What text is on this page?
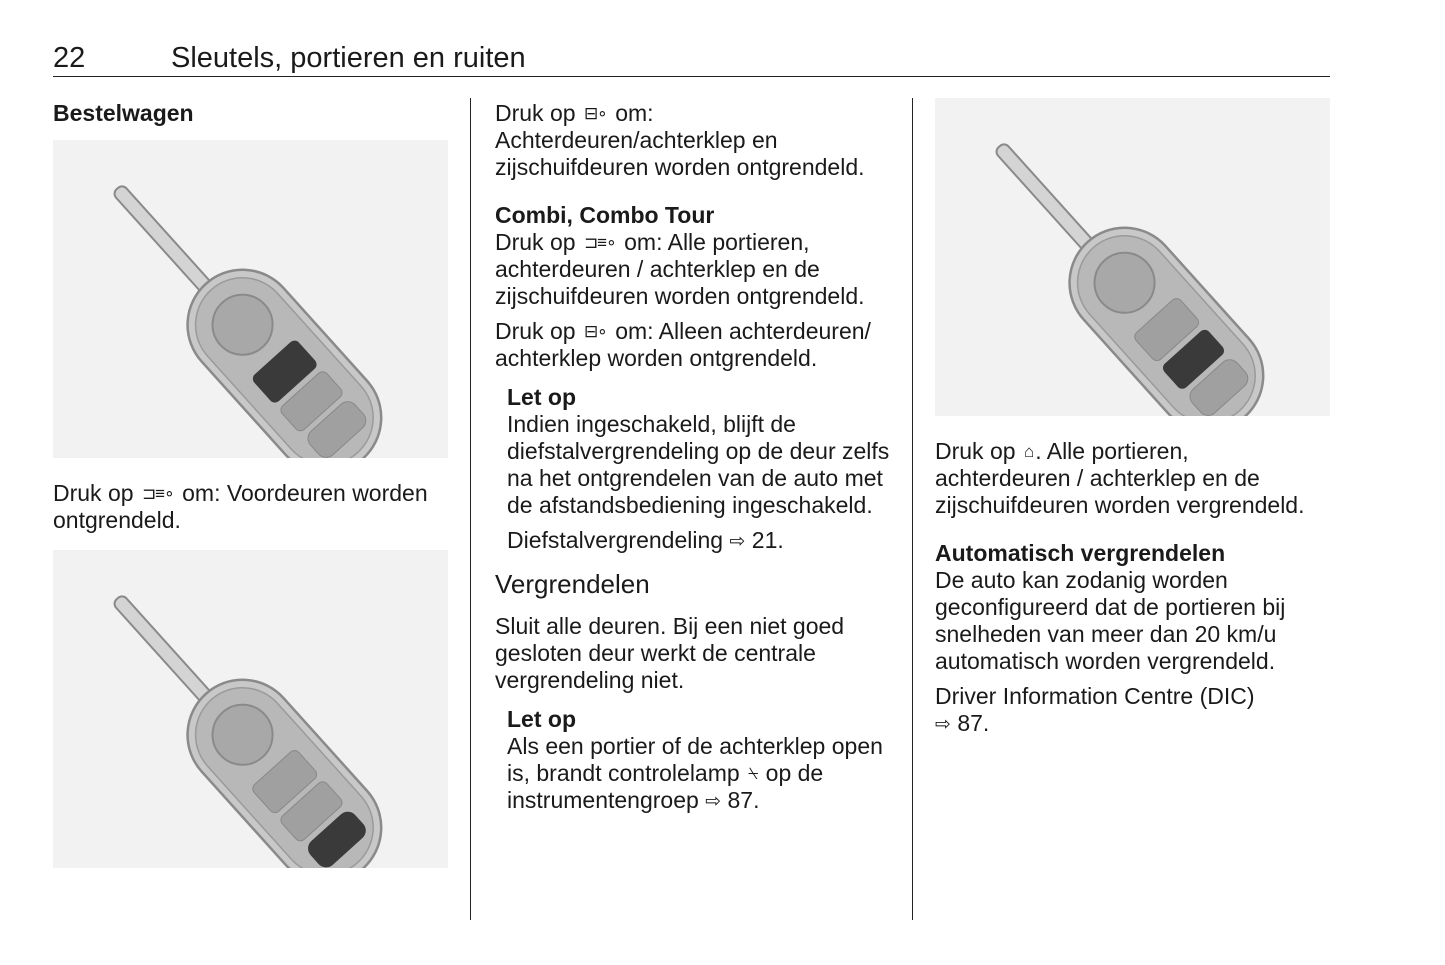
22	Sleutels, portieren en ruiten

Bestelwagen

Druk op ⊐≡∘ om: Voordeuren worden ontgrendeld.

Druk op ⊟∘ om: Achterdeuren/achterklep en zijschuifdeuren worden ontgrendeld.

Combi, Combo Tour

Druk op ⊐≡∘ om: Alle portieren, achterdeuren / achterklep en de zijschuifdeuren worden ontgrendeld.

Druk op ⊟∘ om: Alleen achterdeuren/ achterklep worden ontgrendeld.

Let op

Indien ingeschakeld, blijft de diefstalvergrendeling op de deur zelfs na het ontgrendelen van de auto met de afstandsbediening ingeschakeld.

Diefstalvergrendeling ⇨ 21.

Vergrendelen

Sluit alle deuren. Bij een niet goed gesloten deur werkt de centrale vergrendeling niet.

Let op

Als een portier of de achterklep open is, brandt controlelamp ⍀ op de instrumentengroep ⇨ 87.

Druk op ⌂. Alle portieren, achterdeuren / achterklep en de zijschuifdeuren worden vergrendeld.

Automatisch vergrendelen

De auto kan zodanig worden geconfigureerd dat de portieren bij snelheden van meer dan 20 km/u automatisch worden vergrendeld.

Driver Information Centre (DIC)

⇨ 87.
